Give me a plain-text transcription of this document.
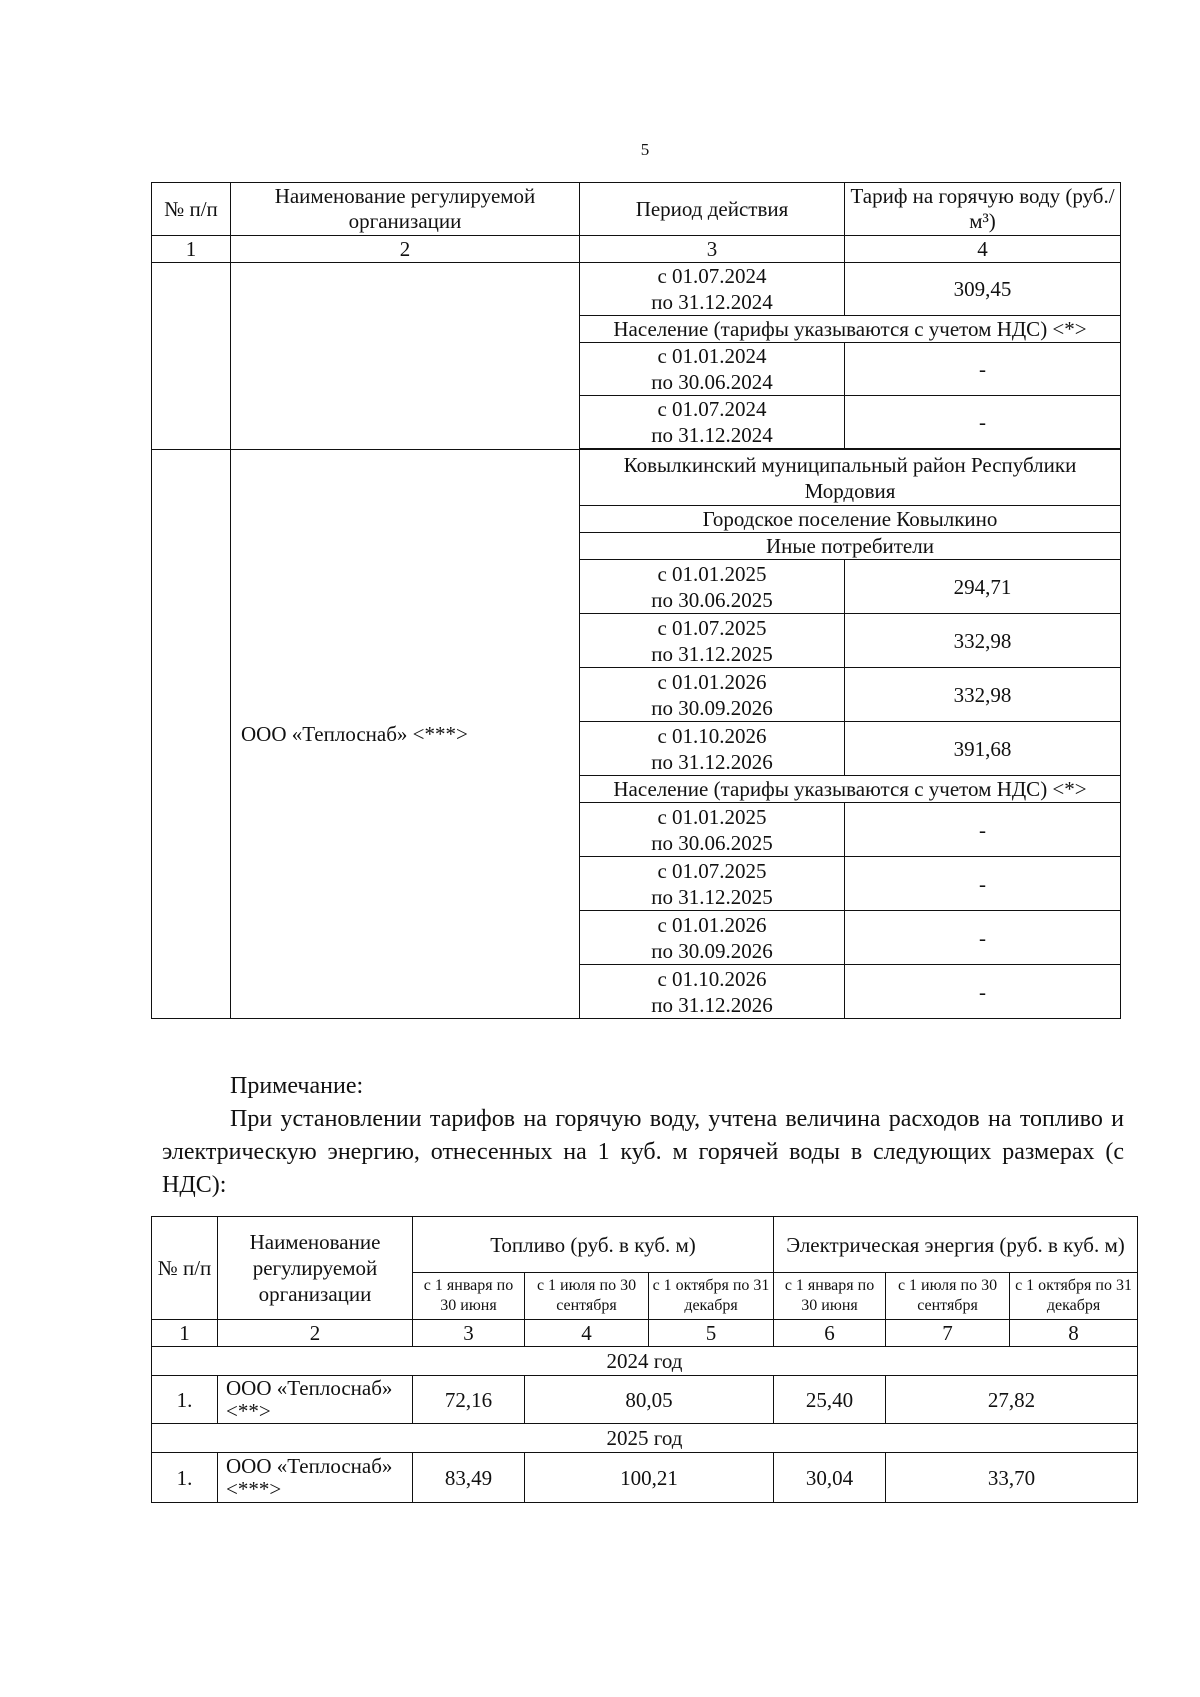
5
№ п/п	Наименование регулируемой организации	Период действия	Тариф на горячую воду (руб./м³)
1	2	3	4
		с 01.07.2024
по 31.12.2024	309,45
		Население (тарифы указываются с учетом НДС) <*>	
		с 01.01.2024
по 30.06.2024	-
		с 01.07.2024
по 31.12.2024	-

	ООО «Теплоснаб» <***>	Ковылкинский муниципальный район Республики Мордовия	
		Городское поселение Ковылкино	
		Иные потребители	
		с 01.01.2025
по 30.06.2025	294,71
		с 01.07.2025
по 31.12.2025	332,98
		с 01.01.2026
по 30.09.2026	332,98
		с 01.10.2026
по 31.12.2026	391,68
		Население (тарифы указываются с учетом НДС) <*>	
		с 01.01.2025
по 30.06.2025	-
		с 01.07.2025
по 31.12.2025	-
		с 01.01.2026
по 30.09.2026	-
		с 01.10.2026
по 31.12.2026	-
Примечание:
При установлении тарифов на горячую воду, учтена величина расходов на топливо и электрическую энергию, отнесенных на 1 куб. м горячей воды в следующих размерах (с НДС):
№ п/п	Наименование регулируемой организации	Топливо (руб. в куб. м)			Электрическая энергия (руб. в куб. м)		
		с 1 января по 30 июня	с 1 июля по 30 сентября	с 1 октября по 31 декабря	с 1 января по 30 июня	с 1 июля по 30 сентября	с 1 октября по 31 декабря
1	2	3	4	5	6	7	8
2024 год							
1.	ООО «Теплоснаб» <**>	72,16	80,05		25,40	27,82	
2025 год							
1.	ООО «Теплоснаб» <***>	83,49	100,21		30,04	33,70	
